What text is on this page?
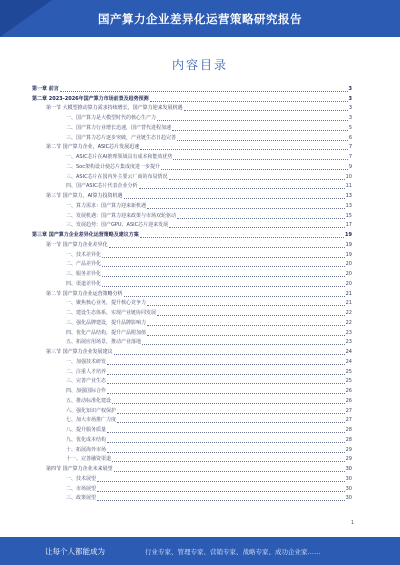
国产算力企业差异化运营策略研究报告
内容目录
第一章 前言	3
第二章 2023-2026年国产算力市场前景及趋势预测	3
第一节 大模型推动算力需求持续增长，国产算力迎来发展机遇	3
一、国产算力是大模型时代的核心生产力	3
二、国产算力行业增长迅速，国产替代进程加速	5
三、国产算力芯片逐步突破，产业链生态日趋完善	6
第二节 国产算力企业，ASIC芯片发展迅速	7
一、ASIC芯片在AI推理领域具有成本和能效优势	7
二、Soc架构设计使芯片集成度进一步提升	9
三、ASIC芯片在国内外主要云厂商的布局情况	10
四、国产ASIC芯片代表企业分析	11
第三节 国产算力，AI算力投资机遇	13
一、算力需求：国产算力迎来新机遇	13
二、发展机遇：国产算力迎来政策与市场双轮驱动	15
三、发展趋势：国产GPU、ASIC芯片迎来发展	17
第三章 国产算力企业差异化运营策略及建议方案	19
第一节 国产算力企业差异化	19
一、技术差异化	19
二、产品差异化	20
三、服务差异化	20
四、渠道差异化	20
第二节 国产算力企业运营策略分析	21
一、聚焦核心业务，提升核心竞争力	21
二、建设生态体系，实现产业链协同发展	22
三、强化品牌建设，提升品牌影响力	22
四、优化产品结构，提升产品附加值	23
五、拓展应用场景，推动产业落地	23
第三节 国产算力企业发展建议	24
一、加强技术研发	24
二、注重人才培养	25
三、完善产业生态	25
四、加强国际合作	26
五、推动标准化建设	26
六、强化知识产权保护	27
七、加大市场推广力度	27
八、提升服务质量	28
九、优化成本结构	28
十、拓展海外市场	29
十一、完善融资渠道	29
第四节 国产算力企业未来展望	30
一、技术展望	30
二、市场展望	30
三、政策展望	30
1
让每个人都能成为	行业专家、管理专家、营销专家、战略专家、成功企业家……
